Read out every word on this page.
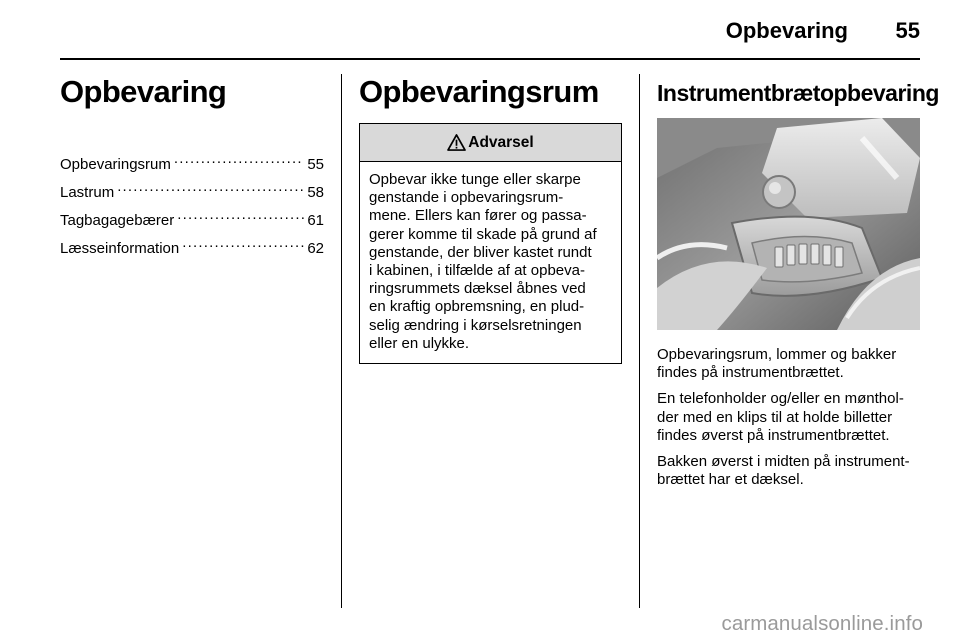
Opbevaring	55
Opbevaring
Opbevaringsrum .....	55
Lastrum .....	58
Tagbagagebærer .....	61
Læsseinformation .....	62
Opbevaringsrum
Advarsel
Opbevar ikke tunge eller skarpe
genstande i opbevaringsrum-
mene. Ellers kan fører og passa-
gerer komme til skade på grund af
genstande, der bliver kastet rundt
i kabinen, i tilfælde af at opbeva-
ringsrummets dæksel åbnes ved
en kraftig opbremsning, en plud-
selig ændring i kørselsretningen
eller en ulykke.
Instrumentbrætopbevaring
Opbevaringsrum, lommer og bakker
findes på instrumentbrættet.
En telefonholder og/eller en mønthol-
der med en klips til at holde billetter
findes øverst på instrumentbrættet.
Bakken øverst i midten på instrument-
brættet har et dæksel.
carmanualsonline.info
